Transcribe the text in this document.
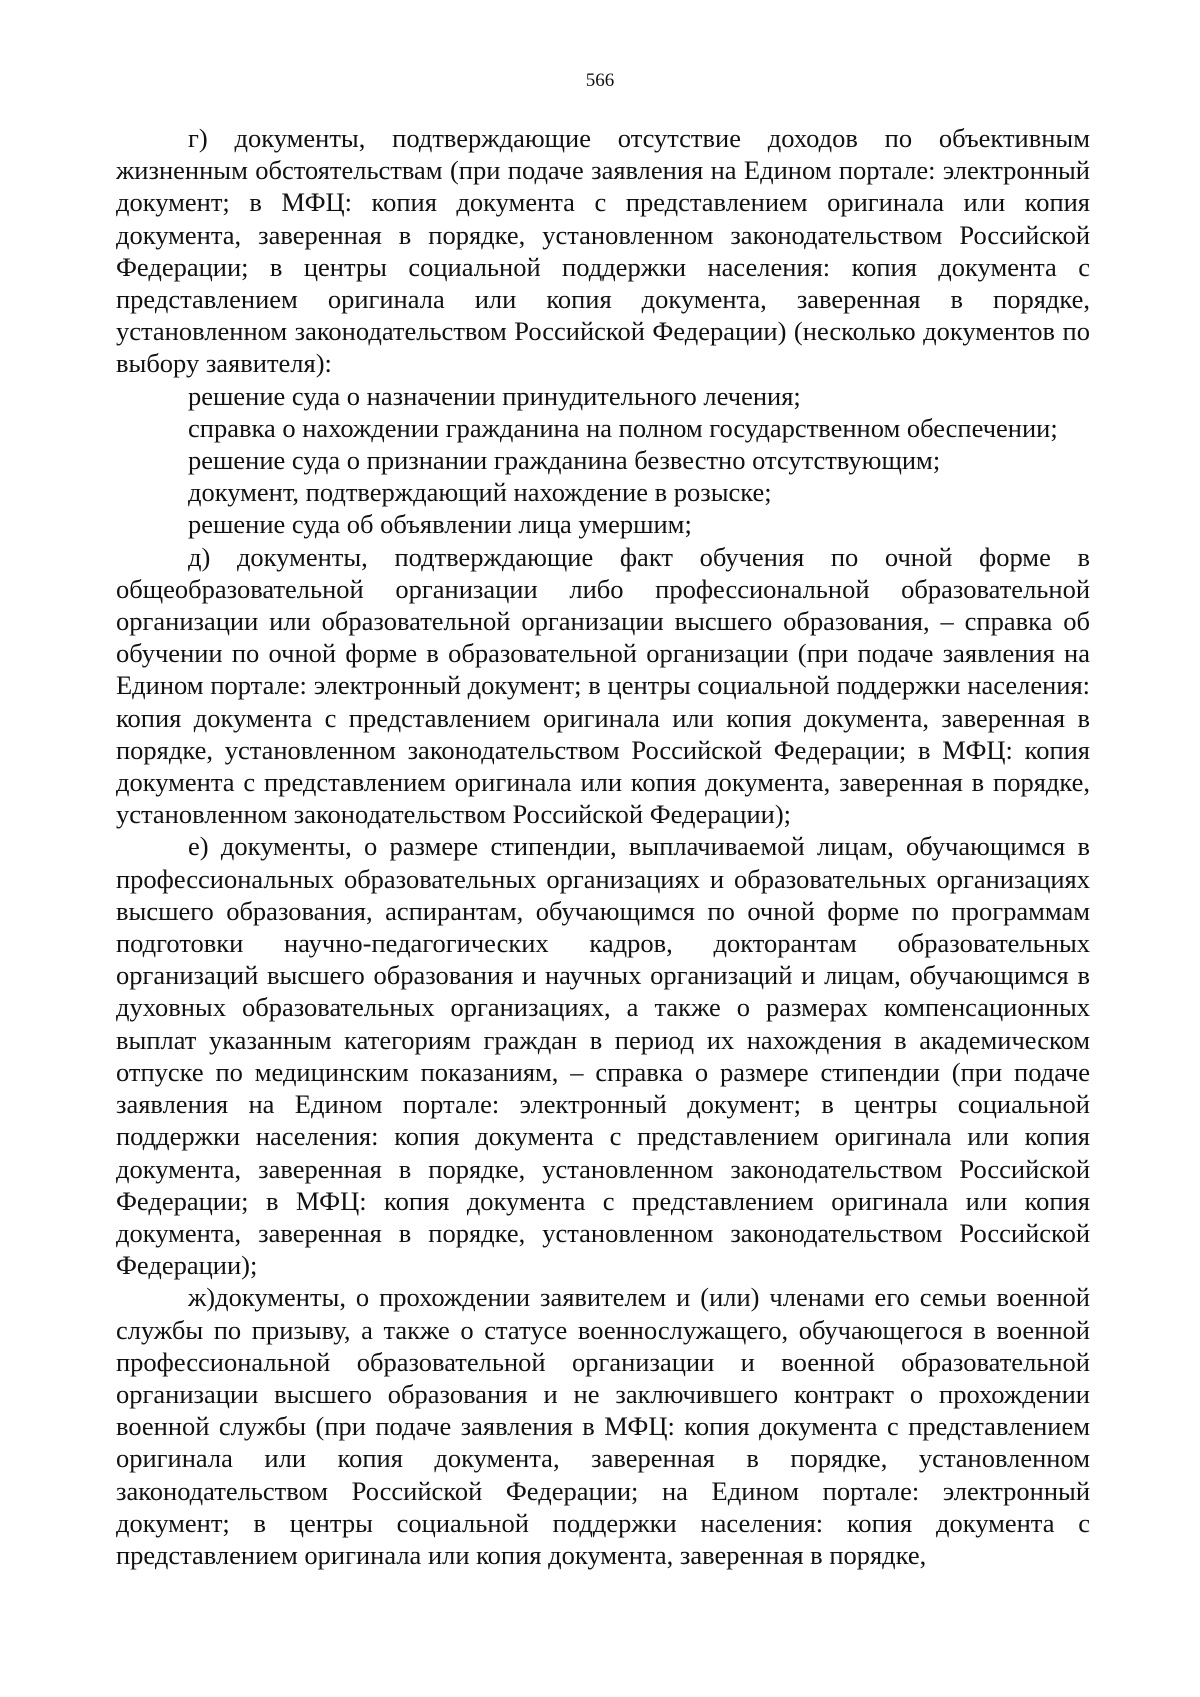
566

г) документы, подтверждающие отсутствие доходов по объективным жизненным обстоятельствам (при подаче заявления на Едином портале: электронный документ; в МФЦ: копия документа с представлением оригинала или копия документа, заверенная в порядке, установленном законодательством Российской Федерации; в центры социальной поддержки населения: копия документа с представлением оригинала или копия документа, заверенная в порядке, установленном законодательством Российской Федерации) (несколько документов по выбору заявителя):

решение суда о назначении принудительного лечения;

справка о нахождении гражданина на полном государственном обеспечении;

решение суда о признании гражданина безвестно отсутствующим;

документ, подтверждающий нахождение в розыске;

решение суда об объявлении лица умершим;

д) документы, подтверждающие факт обучения по очной форме в общеобразовательной организации либо профессиональной образовательной организации или образовательной организации высшего образования, – справка об обучении по очной форме в образовательной организации (при подаче заявления на Едином портале: электронный документ; в центры социальной поддержки населения: копия документа с представлением оригинала или копия документа, заверенная в порядке, установленном законодательством Российской Федерации; в МФЦ: копия документа с представлением оригинала или копия документа, заверенная в порядке, установленном законодательством Российской Федерации);

е) документы, о размере стипендии, выплачиваемой лицам, обучающимся в профессиональных образовательных организациях и образовательных организациях высшего образования, аспирантам, обучающимся по очной форме по программам подготовки научно-педагогических кадров, докторантам образовательных организаций высшего образования и научных организаций и лицам, обучающимся в духовных образовательных организациях, а также о размерах компенсационных выплат указанным категориям граждан в период их нахождения в академическом отпуске по медицинским показаниям, – справка о размере стипендии (при подаче заявления на Едином портале: электронный документ; в центры социальной поддержки населения: копия документа с представлением оригинала или копия документа, заверенная в порядке, установленном законодательством Российской Федерации; в МФЦ: копия документа с представлением оригинала или копия документа, заверенная в порядке, установленном законодательством Российской Федерации);

ж)документы, о прохождении заявителем и (или) членами его семьи военной службы по призыву, а также о статусе военнослужащего, обучающегося в военной профессиональной образовательной организации и военной образовательной организации высшего образования и не заключившего контракт о прохождении военной службы (при подаче заявления в МФЦ: копия документа с представлением оригинала или копия документа, заверенная в порядке, установленном законодательством Российской Федерации; на Едином портале: электронный документ; в центры социальной поддержки населения: копия документа с представлением оригинала или копия документа, заверенная в порядке,
